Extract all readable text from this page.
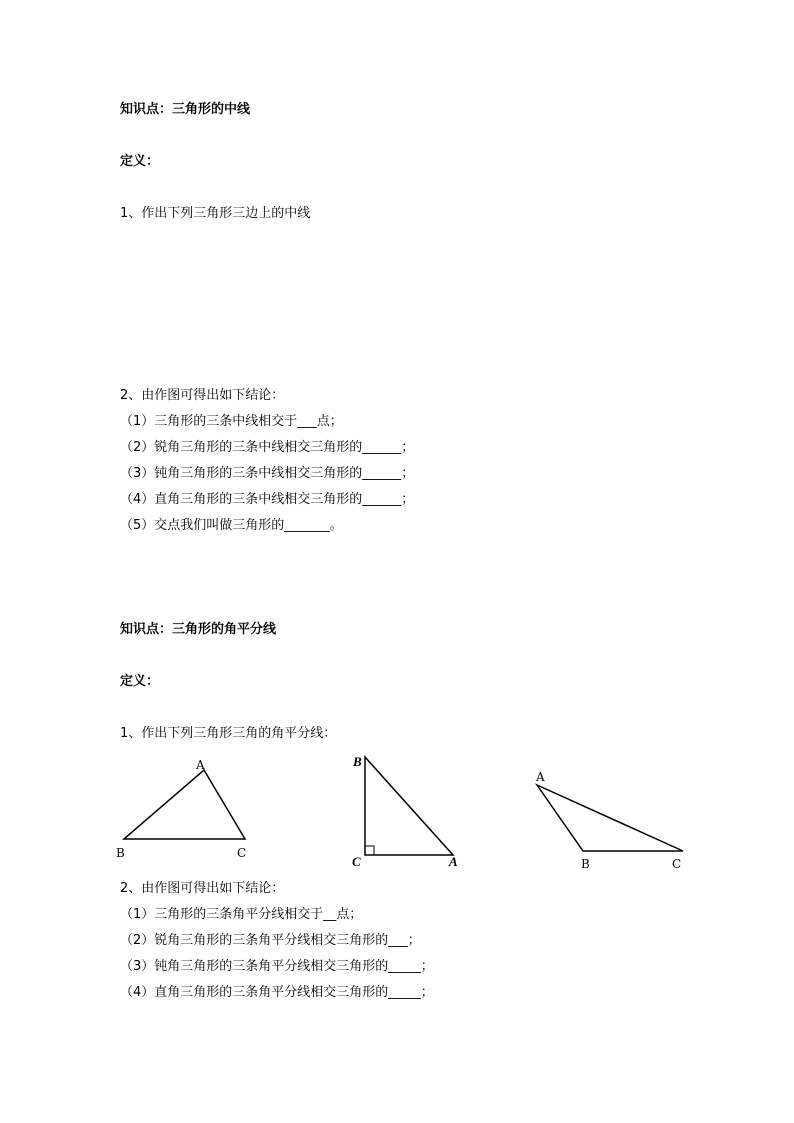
知识点：三角形的中线
定义：
1、作出下列三角形三边上的中线
2、由作图可得出如下结论：
（1）三角形的三条中线相交于___点；
（2）锐角三角形的三条中线相交三角形的______；
（3）钝角三角形的三条中线相交三角形的______；
（4）直角三角形的三条中线相交三角形的______；
（5）交点我们叫做三角形的_______。
知识点：三角形的角平分线
定义：
1、作出下列三角形三角的角平分线：
A
B	C
B
C	A
A
B	C
2、由作图可得出如下结论：
（1）三角形的三条角平分线相交于__点；
（2）锐角三角形的三条角平分线相交三角形的___；
（3）钝角三角形的三条角平分线相交三角形的_____；
（4）直角三角形的三条角平分线相交三角形的_____；
